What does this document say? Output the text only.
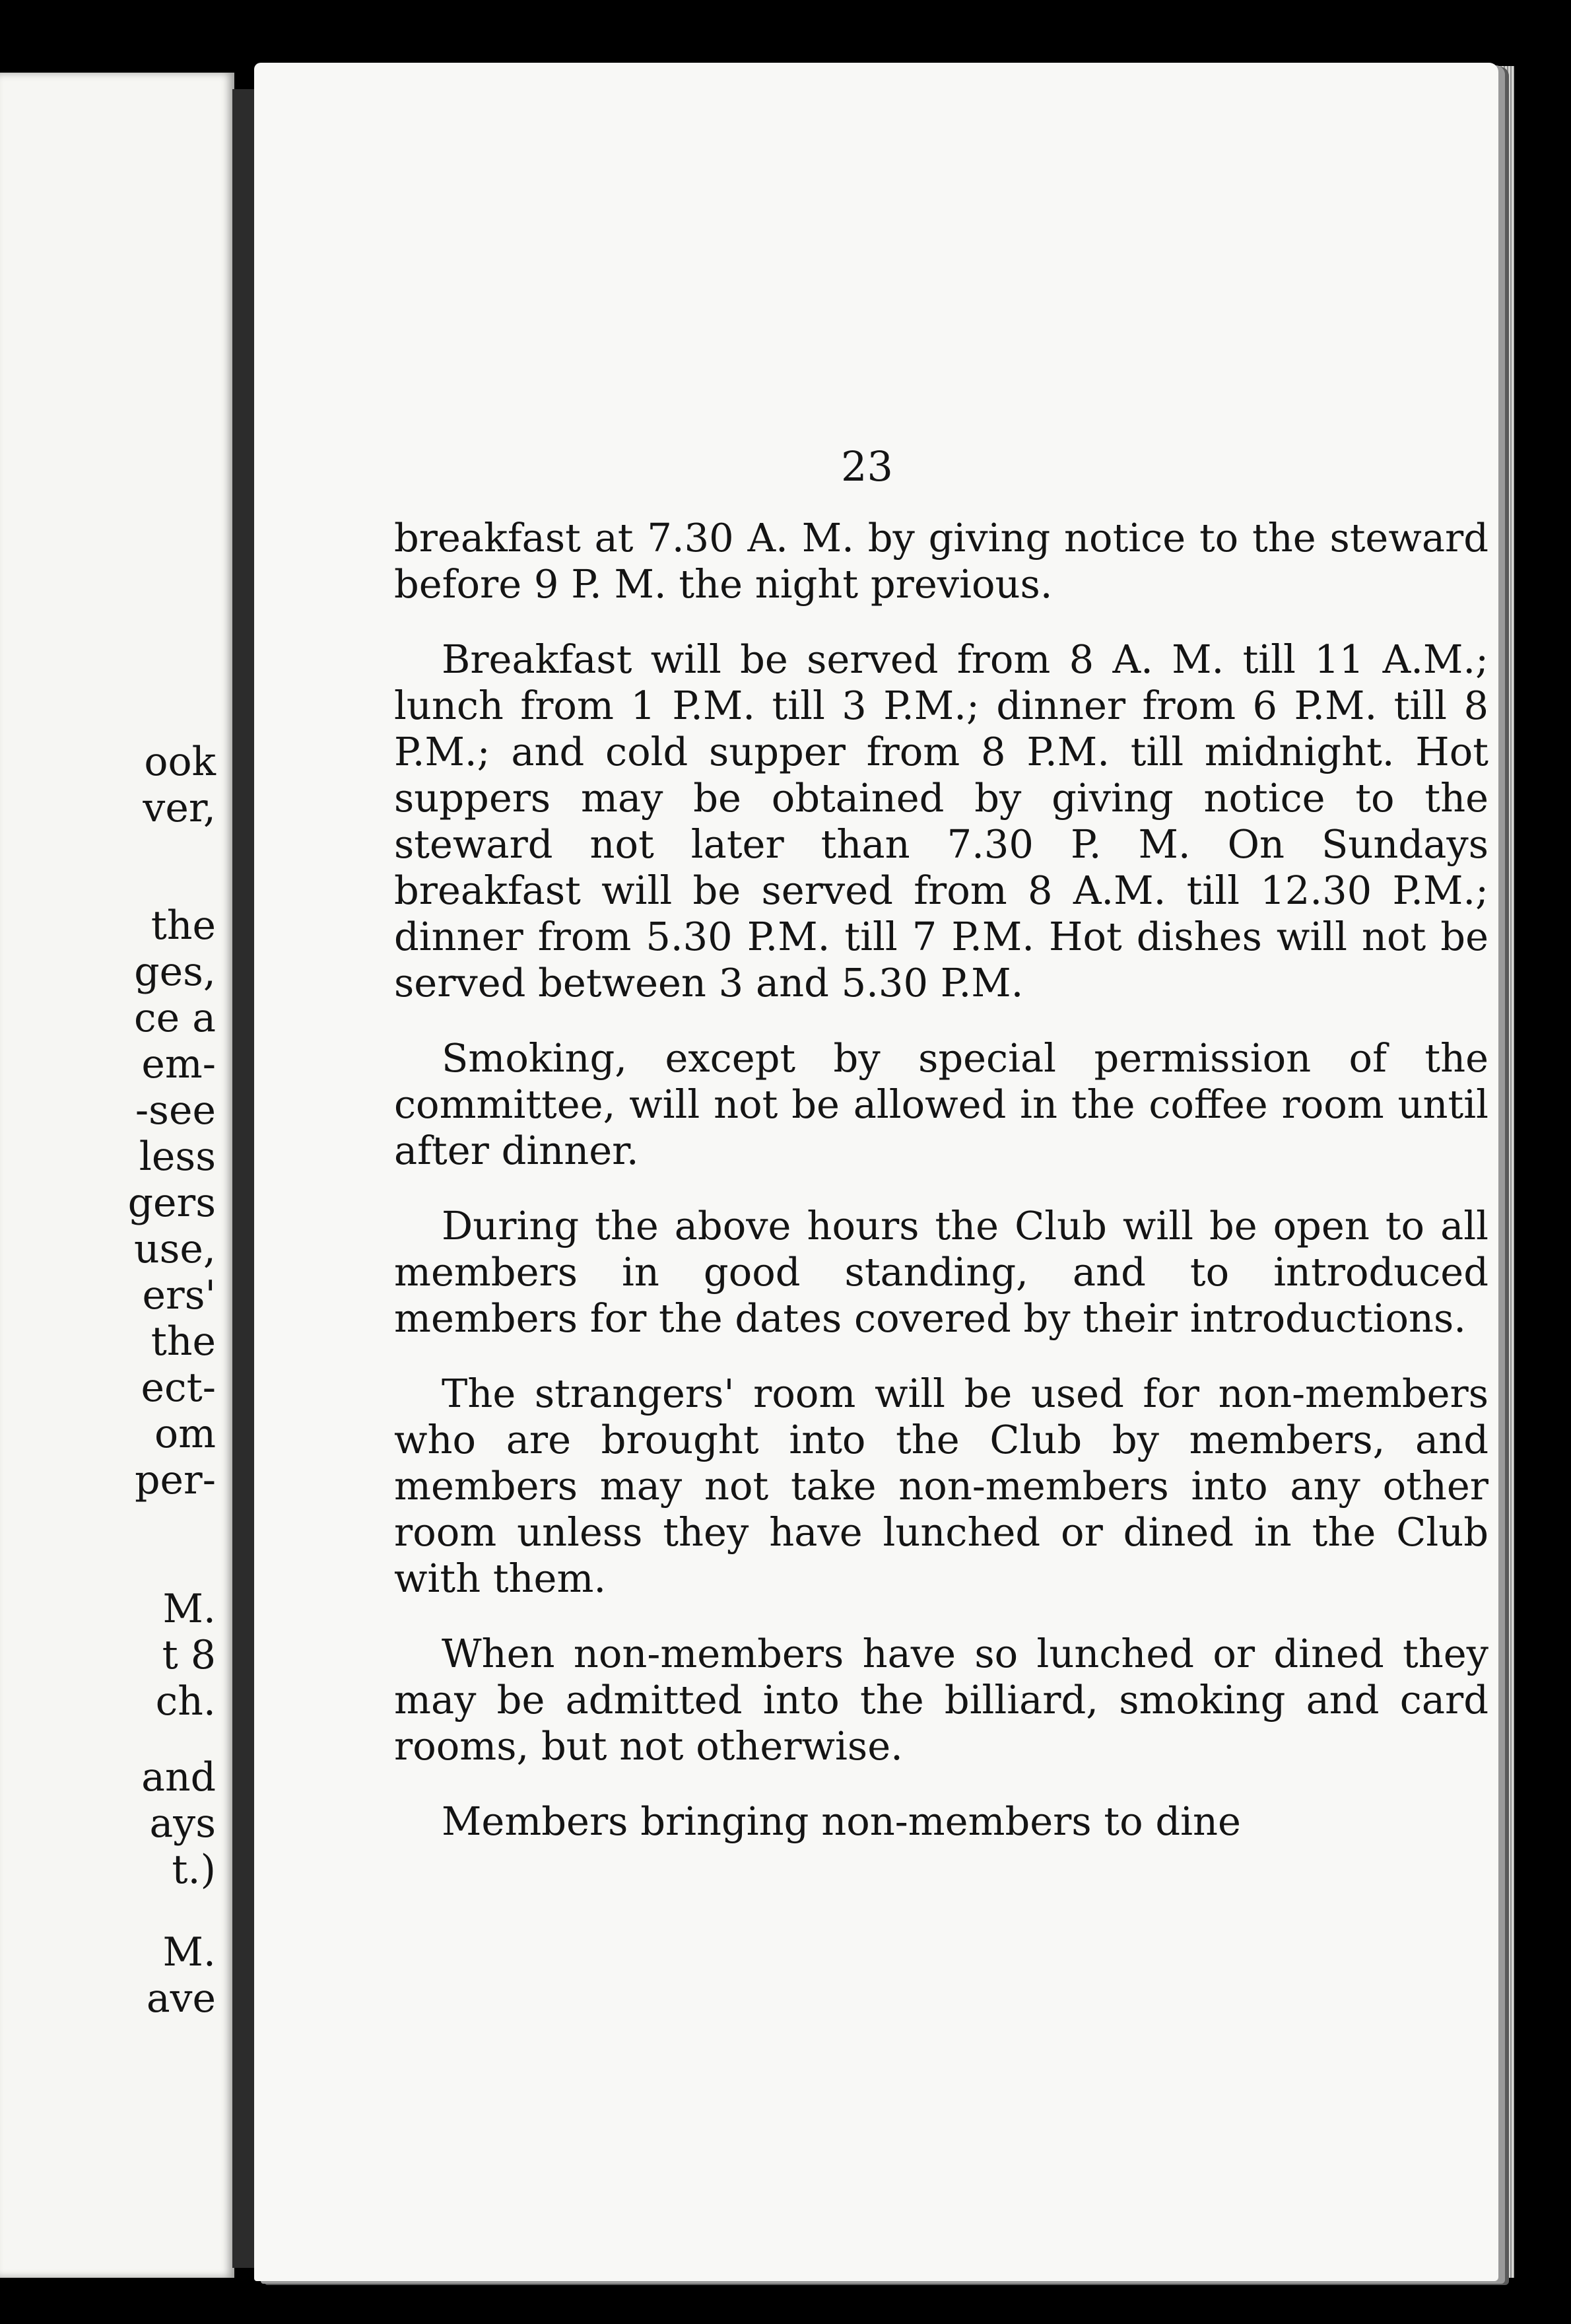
ook
ver,
the
ges,
ce a
em-
-see
less
gers
use,
ers'
the
ect-
om
per-
M.
t 8
ch.
and
ays
t.)
M.
ave
23

breakfast at 7.30 A. M. by giving notice to the steward before 9 P. M. the night previous.

Breakfast will be served from 8 A. M. till 11 A.M.; lunch from 1 P.M. till 3 P.M.; dinner from 6 P.M. till 8 P.M.; and cold supper from 8 P.M. till midnight. Hot suppers may be obtained by giving notice to the steward not later than 7.30 P. M. On Sundays breakfast will be served from 8 A.M. till 12.30 P.M.; dinner from 5.30 P.M. till 7 P.M. Hot dishes will not be served between 3 and 5.30 P.M.

Smoking, except by special permission of the committee, will not be allowed in the coffee room until after dinner.

During the above hours the Club will be open to all members in good standing, and to introduced members for the dates covered by their introductions.

The strangers' room will be used for non-members who are brought into the Club by members, and members may not take non-members into any other room unless they have lunched or dined in the Club with them.

When non-members have so lunched or dined they may be admitted into the billiard, smoking and card rooms, but not otherwise.

Members bringing non-members to dine
